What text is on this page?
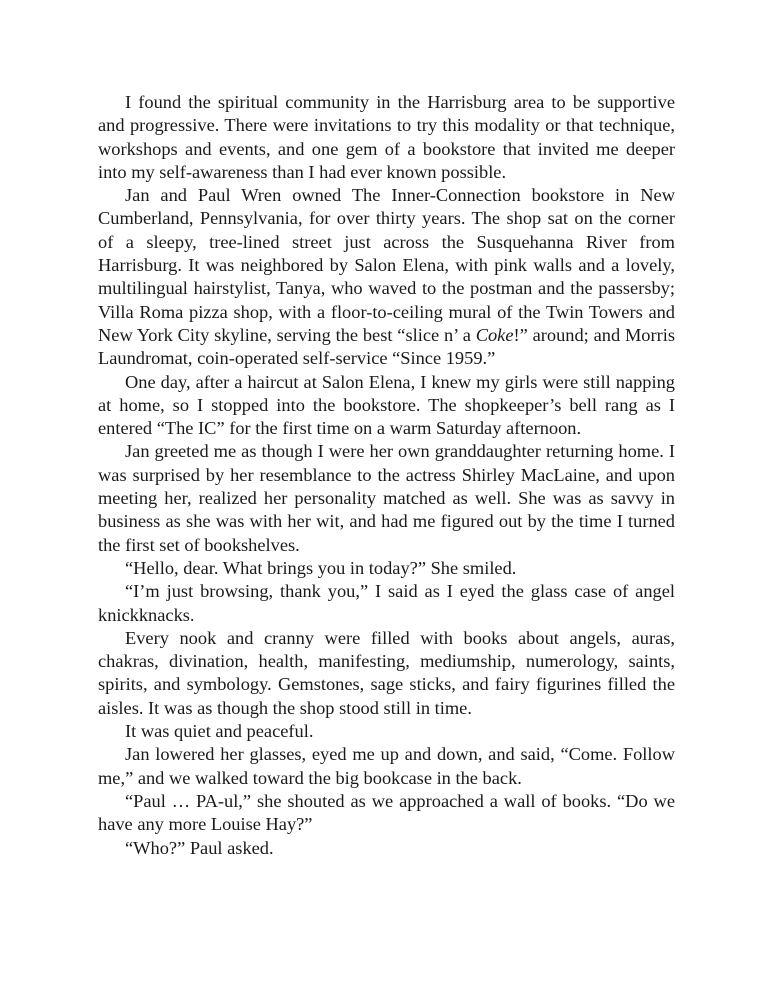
I found the spiritual community in the Harrisburg area to be supportive and progressive. There were invitations to try this modality or that technique, workshops and events, and one gem of a bookstore that invited me deeper into my self-awareness than I had ever known possible.

Jan and Paul Wren owned The Inner-Connection bookstore in New Cumberland, Pennsylvania, for over thirty years. The shop sat on the corner of a sleepy, tree-lined street just across the Susquehanna River from Harrisburg. It was neighbored by Salon Elena, with pink walls and a lovely, multilingual hairstylist, Tanya, who waved to the postman and the passersby; Villa Roma pizza shop, with a floor-to-ceiling mural of the Twin Towers and New York City skyline, serving the best “slice n’ a Coke!” around; and Morris Laundromat, coin-operated self-service “Since 1959.”

One day, after a haircut at Salon Elena, I knew my girls were still napping at home, so I stopped into the bookstore. The shopkeeper’s bell rang as I entered “The IC” for the first time on a warm Saturday afternoon.

Jan greeted me as though I were her own granddaughter returning home. I was surprised by her resemblance to the actress Shirley MacLaine, and upon meeting her, realized her personality matched as well. She was as savvy in business as she was with her wit, and had me figured out by the time I turned the first set of bookshelves.

“Hello, dear. What brings you in today?” She smiled.

“I’m just browsing, thank you,” I said as I eyed the glass case of angel knickknacks.

Every nook and cranny were filled with books about angels, auras, chakras, divination, health, manifesting, mediumship, numerology, saints, spirits, and symbology. Gemstones, sage sticks, and fairy figurines filled the aisles. It was as though the shop stood still in time.

It was quiet and peaceful.

Jan lowered her glasses, eyed me up and down, and said, “Come. Follow me,” and we walked toward the big bookcase in the back.

“Paul … PA-ul,” she shouted as we approached a wall of books. “Do we have any more Louise Hay?”

“Who?” Paul asked.
